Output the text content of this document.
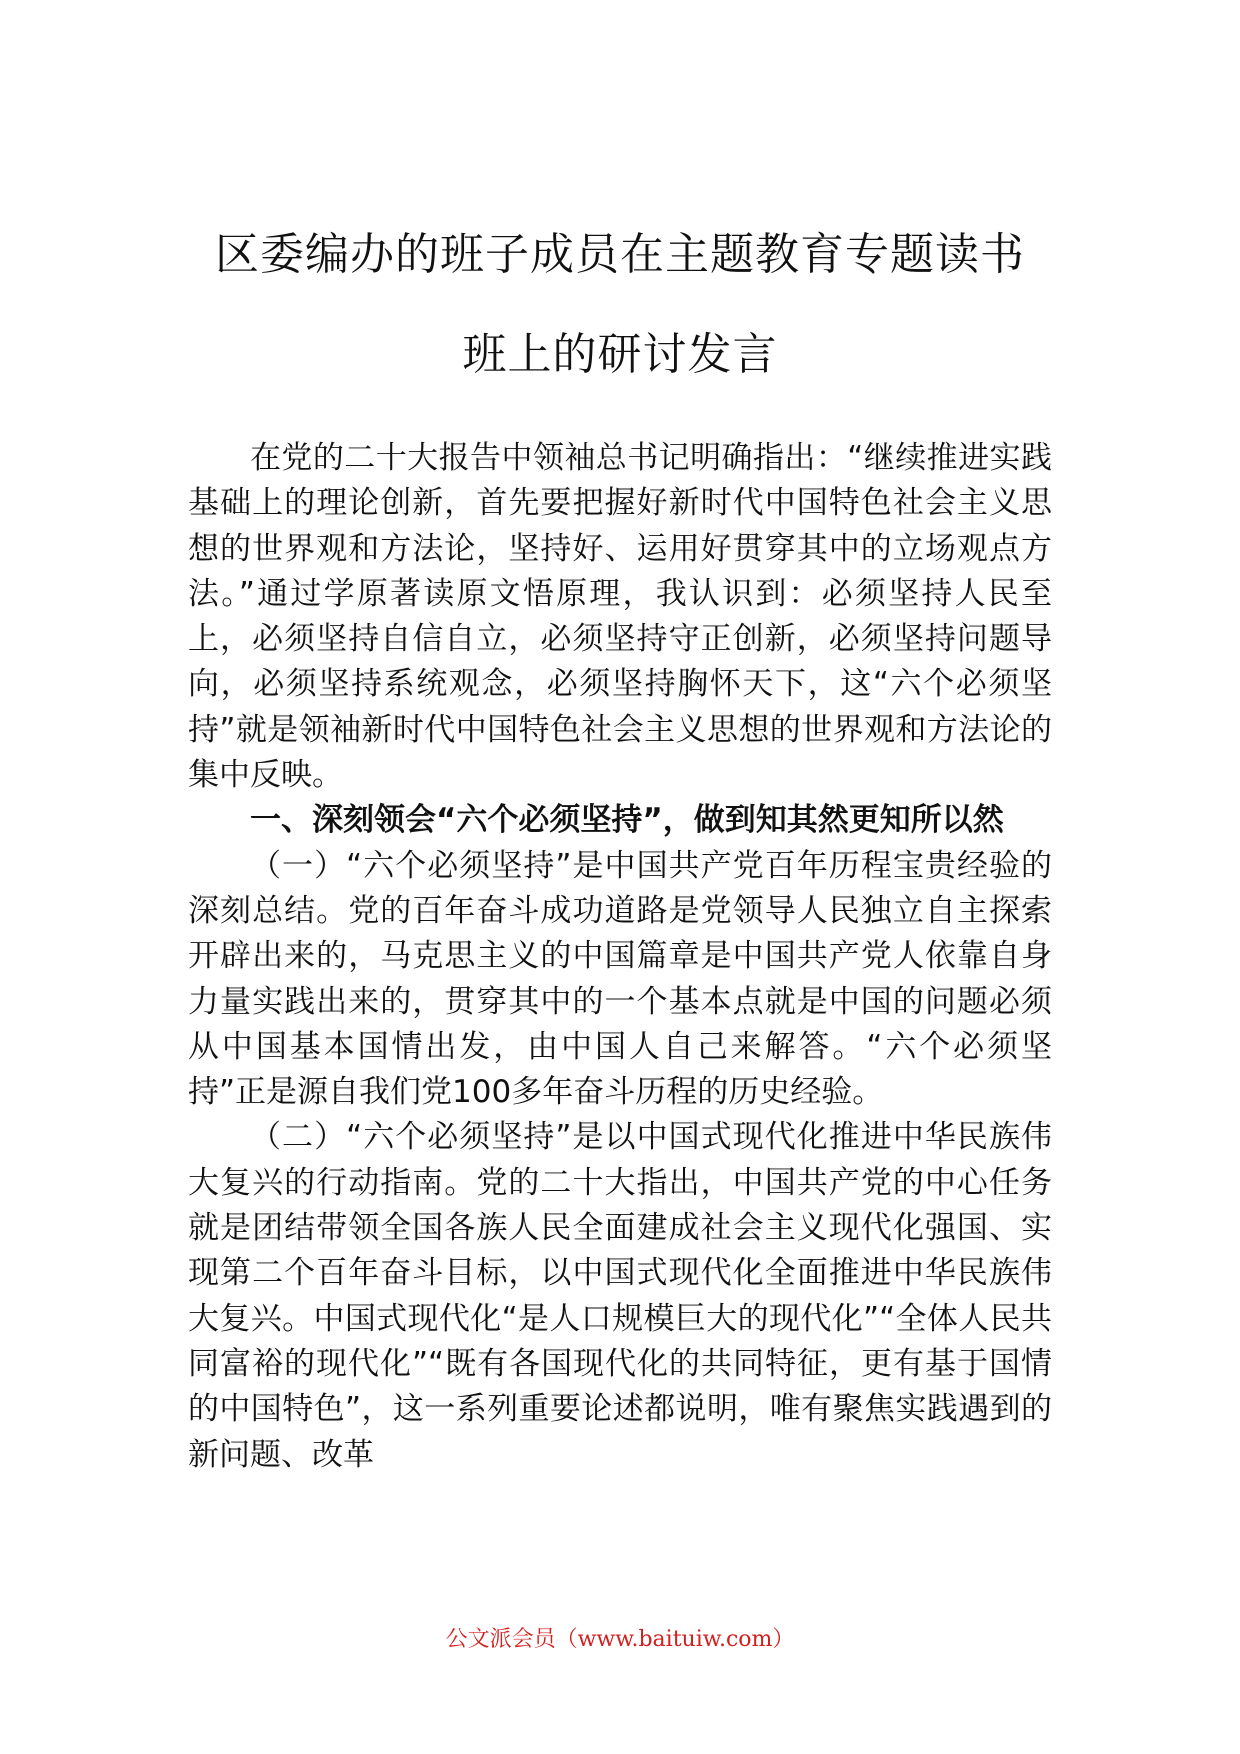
区委编办的班子成员在主题教育专题读书
班上的研讨发言

在党的二十大报告中领袖总书记明确指出：“继续推进实践基础上的理论创新，首先要把握好新时代中国特色社会主义思想的世界观和方法论，坚持好、运用好贯穿其中的立场观点方法。”通过学原著读原文悟原理，我认识到：必须坚持人民至上，必须坚持自信自立，必须坚持守正创新，必须坚持问题导向，必须坚持系统观念，必须坚持胸怀天下，这“六个必须坚持”就是领袖新时代中国特色社会主义思想的世界观和方法论的集中反映。

一、深刻领会“六个必须坚持”，做到知其然更知所以然

（一）“六个必须坚持”是中国共产党百年历程宝贵经验的深刻总结。党的百年奋斗成功道路是党领导人民独立自主探索开辟出来的，马克思主义的中国篇章是中国共产党人依靠自身力量实践出来的，贯穿其中的一个基本点就是中国的问题必须从中国基本国情出发，由中国人自己来解答。“六个必须坚持”正是源自我们党100多年奋斗历程的历史经验。

（二）“六个必须坚持”是以中国式现代化推进中华民族伟大复兴的行动指南。党的二十大指出，中国共产党的中心任务就是团结带领全国各族人民全面建成社会主义现代化强国、实现第二个百年奋斗目标，以中国式现代化全面推进中华民族伟大复兴。中国式现代化“是人口规模巨大的现代化”“全体人民共同富裕的现代化”“既有各国现代化的共同特征，更有基于国情的中国特色”，这一系列重要论述都说明，唯有聚焦实践遇到的新问题、改革

公文派会员（www.baituiw.com）
